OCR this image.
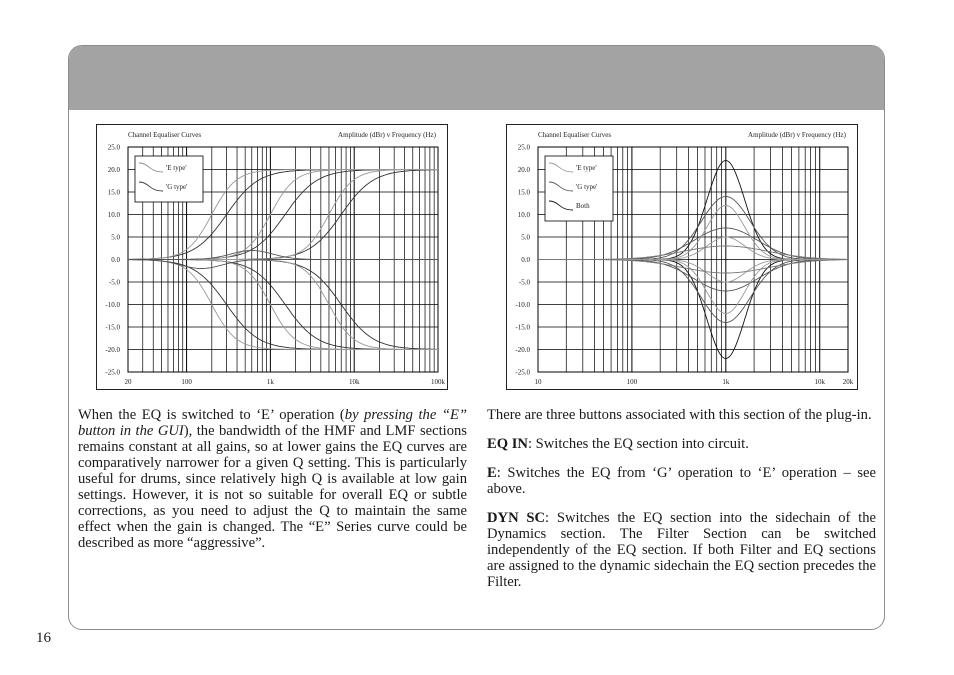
25.0
20.0
15.0
10.0
5.0
0.0
-5.0
-10.0
-15.0
-20.0
-25.0
20	100	1k	10k	100k
Channel Equaliser Curves	Amplitude (dBr) v Frequency (Hz)
'E type'
'G type'
25.0
20.0
15.0
10.0
5.0
0.0
-5.0
-10.0
-15.0
-20.0
-25.0
10	100	1k	10k	20k
Channel Equaliser Curves	Amplitude (dBr) v Frequency (Hz)
'E type'
'G type'
Both

When the EQ is switched to ‘E’ operation (by pressing the “E” button in the GUI), the bandwidth of the HMF and LMF sections remains constant at all gains, so at lower gains the EQ curves are comparatively narrower for a given Q setting. This is particularly useful for drums, since relatively high Q is available at low gain settings. However, it is not so suitable for overall EQ or subtle corrections, as you need to adjust the Q to maintain the same effect when the gain is changed. The “E” Series curve could be described as more “aggressive”.

There are three buttons associated with this section of the plug-in.

EQ IN: Switches the EQ section into circuit.

E: Switches the EQ from ‘G’ operation to ‘E’ operation – see above.

DYN SC: Switches the EQ section into the sidechain of the Dynamics section. The Filter Section can be switched independently of the EQ section. If both Filter and EQ sections are assigned to the dynamic sidechain the EQ section precedes the Filter.

16
